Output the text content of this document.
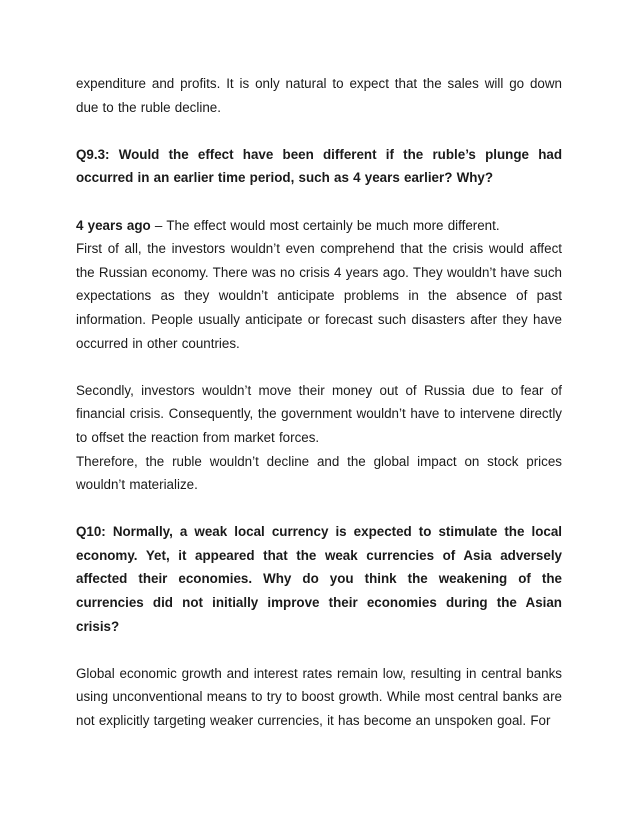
expenditure and profits. It is only natural to expect that the sales will go down due to the ruble decline.

Q9.3: Would the effect have been different if the ruble’s plunge had occurred in an earlier time period, such as 4 years earlier? Why?

4 years ago – The effect would most certainly be much more different.

First of all, the investors wouldn’t even comprehend that the crisis would affect the Russian economy. There was no crisis 4 years ago. They wouldn’t have such expectations as they wouldn’t anticipate problems in the absence of past information. People usually anticipate or forecast such disasters after they have occurred in other countries.

Secondly, investors wouldn’t move their money out of Russia due to fear of financial crisis. Consequently, the government wouldn’t have to intervene directly to offset the reaction from market forces.

Therefore, the ruble wouldn’t decline and the global impact on stock prices wouldn’t materialize.

Q10: Normally, a weak local currency is expected to stimulate the local economy. Yet, it appeared that the weak currencies of Asia adversely affected their economies. Why do you think the weakening of the currencies did not initially improve their economies during the Asian crisis?

Global economic growth and interest rates remain low, resulting in central banks using unconventional means to try to boost growth. While most central banks are not explicitly targeting weaker currencies, it has become an unspoken goal. For
